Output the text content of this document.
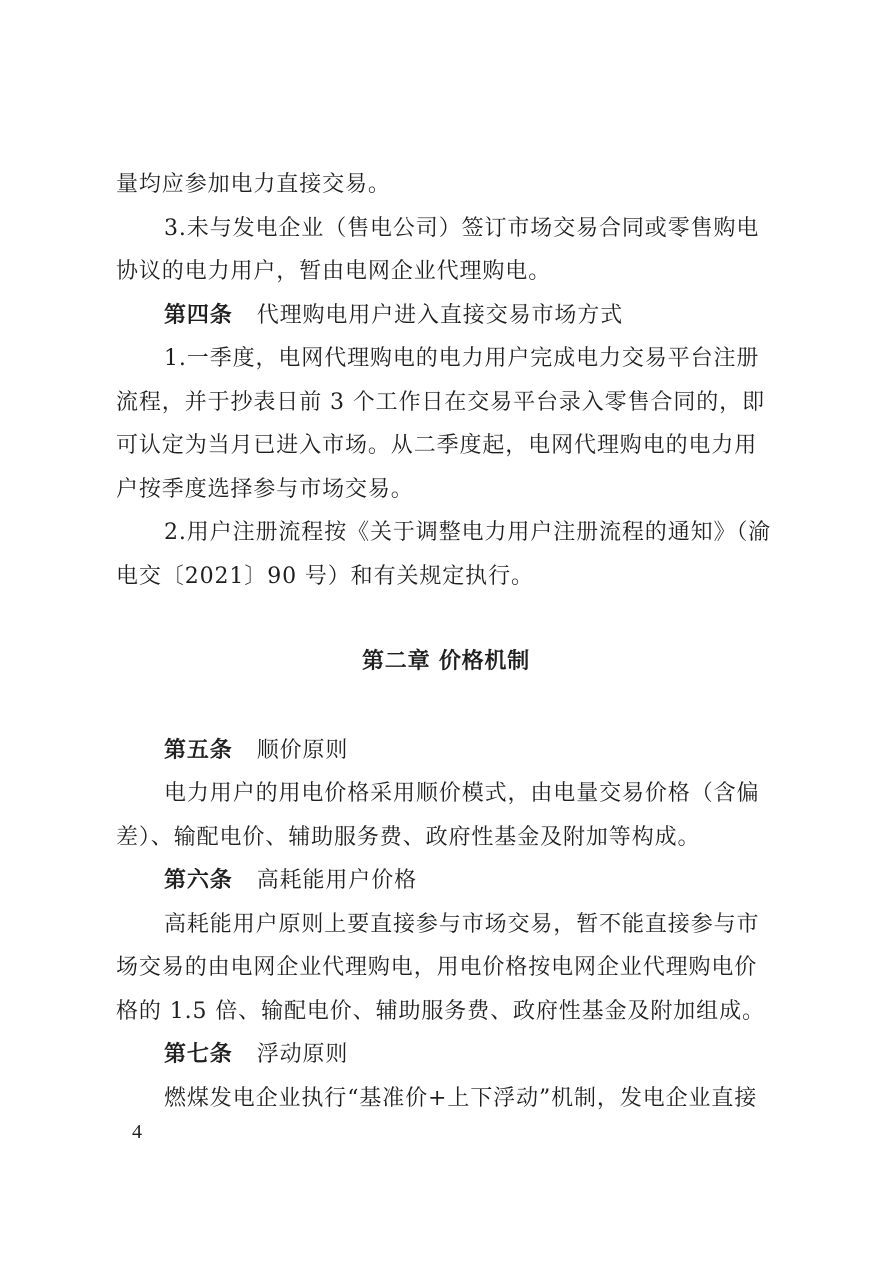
量均应参加电力直接交易。
3.未与发电企业（售电公司）签订市场交易合同或零售购电
协议的电力用户，暂由电网企业代理购电。
第四条 代理购电用户进入直接交易市场方式
1.一季度，电网代理购电的电力用户完成电力交易平台注册
流程，并于抄表日前 3 个工作日在交易平台录入零售合同的，即
可认定为当月已进入市场。从二季度起，电网代理购电的电力用
户按季度选择参与市场交易。
2.用户注册流程按《关于调整电力用户注册流程的通知》（渝
电交〔2021〕90 号）和有关规定执行。
第二章 价格机制
第五条 顺价原则
电力用户的用电价格采用顺价模式，由电量交易价格（含偏
差）、输配电价、辅助服务费、政府性基金及附加等构成。
第六条 高耗能用户价格
高耗能用户原则上要直接参与市场交易，暂不能直接参与市
场交易的由电网企业代理购电，用电价格按电网企业代理购电价
格的 1.5 倍、输配电价、辅助服务费、政府性基金及附加组成。
第七条 浮动原则
燃煤发电企业执行“基准价+上下浮动”机制，发电企业直接
4
